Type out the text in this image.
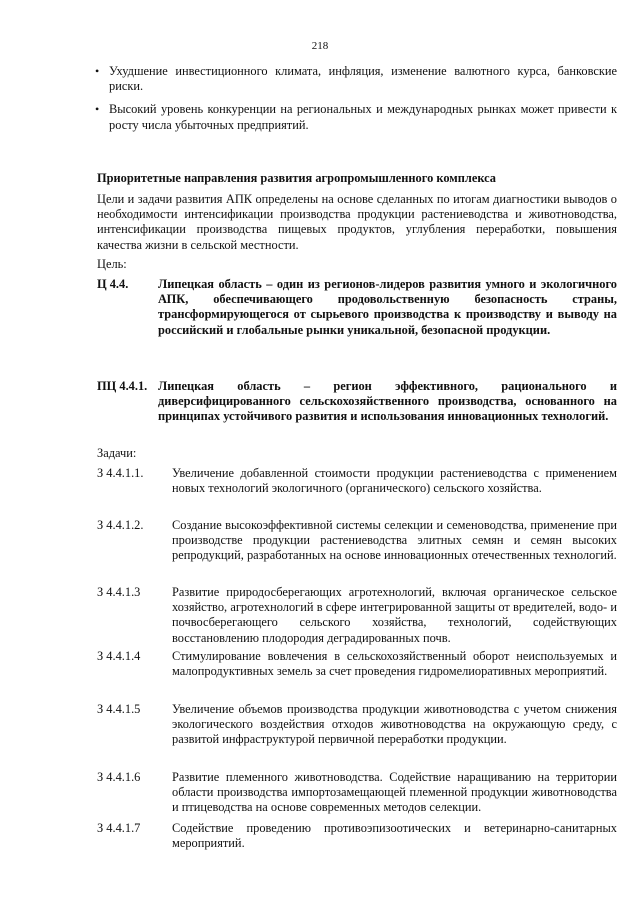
218
• Ухудшение инвестиционного климата, инфляция, изменение валютного курса, банковские риски.
• Высокий уровень конкуренции на региональных и международных рынках может привести к росту числа убыточных предприятий.
Приоритетные направления развития агропромышленного комплекса

Цели и задачи развития АПК определены на основе сделанных по итогам диагностики выводов о необходимости интенсификации производства продукции растениеводства и животноводства, интенсификации производства пищевых продуктов, углубления переработки, повышения качества жизни в сельской местности.

Цель:
Ц 4.4. Липецкая область – один из регионов-лидеров развития умного и экологичного АПК, обеспечивающего продовольственную безопасность страны, трансформирующегося от сырьевого производства к производству и выводу на российский и глобальные рынки уникальной, безопасной продукции.
ПЦ 4.4.1. Липецкая область – регион эффективного, рационального и диверсифицированного сельскохозяйственного производства, основанного на принципах устойчивого развития и использования инновационных технологий.
Задачи:
З 4.4.1.1. Увеличение добавленной стоимости продукции растениеводства с применением новых технологий экологичного (органического) сельского хозяйства.
З 4.4.1.2. Создание высокоэффективной системы селекции и семеноводства, применение при производстве продукции растениеводства элитных семян и семян высоких репродукций, разработанных на основе инновационных отечественных технологий.
З 4.4.1.3	Развитие природосберегающих агротехнологий, включая органическое сельское хозяйство, агротехнологий в сфере интегрированной защиты от вредителей, водо- и почвосберегающего сельского хозяйства, технологий, содействующих восстановлению плодородия деградированных почв.
З 4.4.1.4	Стимулирование вовлечения в сельскохозяйственный оборот неиспользуемых и малопродуктивных земель за счет проведения гидромелиоративных мероприятий.
З 4.4.1.5	Увеличение объемов производства продукции животноводства с учетом снижения экологического воздействия отходов животноводства на окружающую среду, с развитой инфраструктурой первичной переработки продукции.
З 4.4.1.6	Развитие племенного животноводства. Содействие наращиванию на территории области производства импортозамещающей племенной продукции животноводства и птицеводства на основе современных методов селекции.
З 4.4.1.7	Содействие проведению противоэпизоотических и ветеринарно-санитарных мероприятий.
